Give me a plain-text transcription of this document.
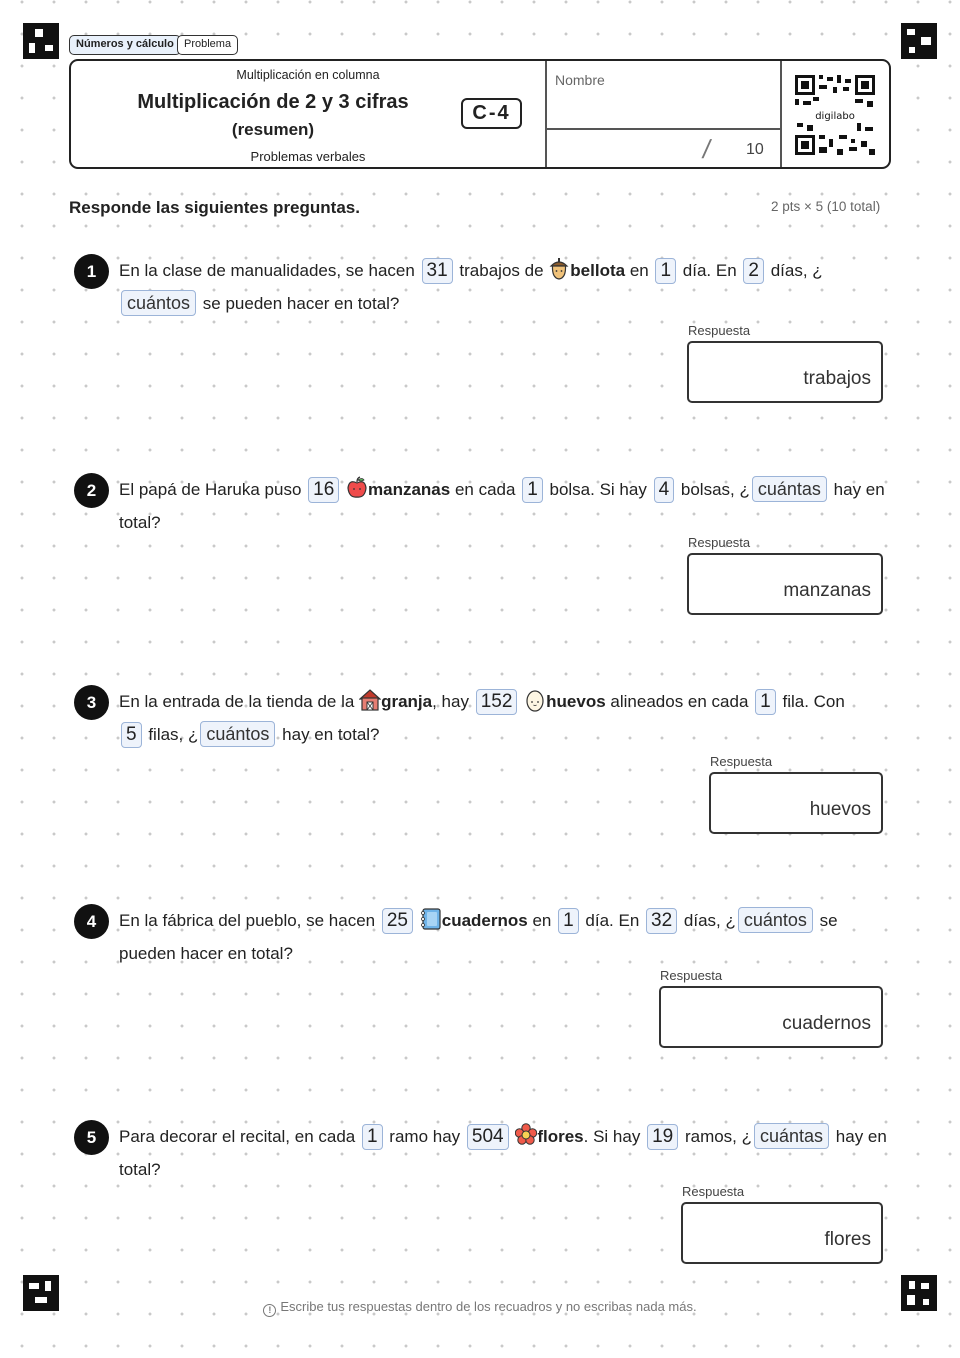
Números y cálculo Problema
Multiplicación en columna
Multiplicación de 2 y 3 cifras
(resumen)
C-4
Problemas verbales
Nombre
/ 10
digilabo
Responde las siguientes preguntas.	2 pts × 5 (10 total)
1	En la clase de manualidades, se hacen 31 trabajos de bellota en 1 día. En 2 días, ¿
cuántos se pueden hacer en total?
Respuesta
trabajos
2	El papá de Haruka puso 16 manzanas en cada 1 bolsa. Si hay 4 bolsas, ¿ cuántas hay en total?
Respuesta
manzanas
3	En la entrada de la tienda de la granja, hay 152 huevos alineados en cada 1 fila. Con
5 filas, ¿ cuántos hay en total?
Respuesta
huevos
4	En la fábrica del pueblo, se hacen 25 cuadernos en 1 día. En 32 días, ¿ cuántos se pueden hacer en total?
Respuesta
cuadernos
5	Para decorar el recital, en cada 1 ramo hay 504 flores. Si hay 19 ramos, ¿ cuántas hay en total?
Respuesta
flores
! Escribe tus respuestas dentro de los recuadros y no escribas nada más.
